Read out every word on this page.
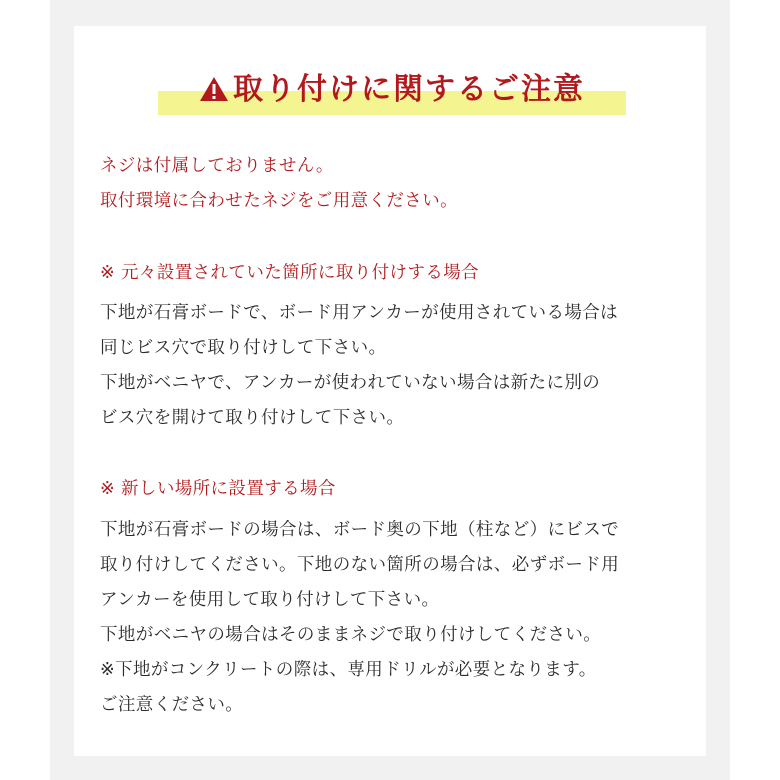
取り付けに関するご注意
ネジは付属しておりません。
取付環境に合わせたネジをご用意ください。
※ 元々設置されていた箇所に取り付けする場合
下地が石膏ボードで、ボード用アンカーが使用されている場合は
同じビス穴で取り付けして下さい。
下地がベニヤで、アンカーが使われていない場合は新たに別の
ビス穴を開けて取り付けして下さい。
※ 新しい場所に設置する場合
下地が石膏ボードの場合は、ボード奥の下地（柱など）にビスで
取り付けしてください。下地のない箇所の場合は、必ずボード用
アンカーを使用して取り付けして下さい。
下地がベニヤの場合はそのままネジで取り付けしてください。
※下地がコンクリートの際は、専用ドリルが必要となります。
ご注意ください。
